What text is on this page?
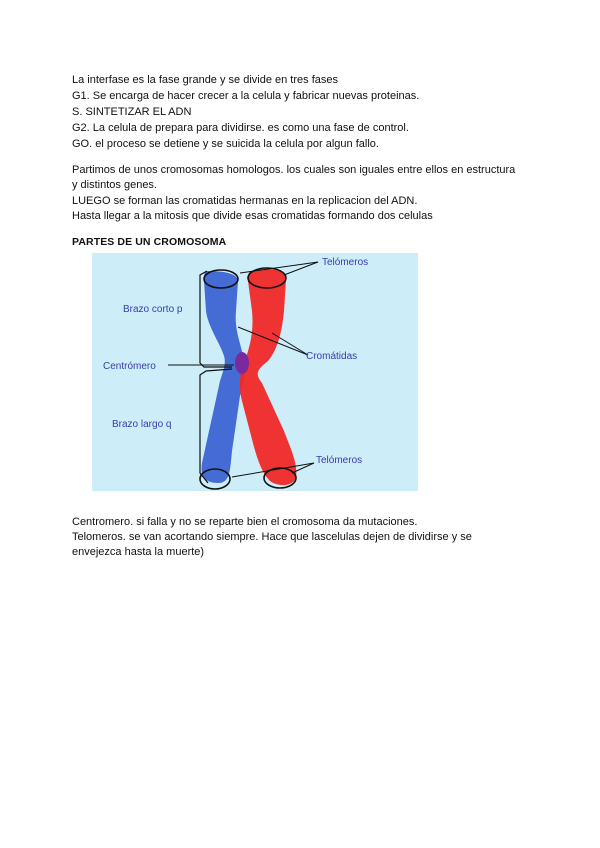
La interfase es la fase grande y se divide en tres fases
G1. Se encarga de hacer crecer a la celula y fabricar nuevas proteinas.
S. SINTETIZAR EL ADN
G2. La celula de prepara para dividirse. es como una fase de control.
GO. el proceso se detiene y se suicida la celula por algun fallo.
Partimos de unos cromosomas homologos. los cuales son iguales entre ellos en estructura
y distintos genes.
LUEGO se forman las cromatidas hermanas en la replicacion del ADN.
Hasta llegar a la mitosis que divide esas cromatidas formando dos celulas
PARTES DE UN CROMOSOMA
Telómeros
Brazo corto p
Cromátidas
Centrómero
Brazo largo q
Telómeros
Centromero. si falla y no se reparte bien el cromosoma da mutaciones.
Telomeros. se van acortando siempre. Hace que lascelulas dejen de dividirse y se
envejezca hasta la muerte)
